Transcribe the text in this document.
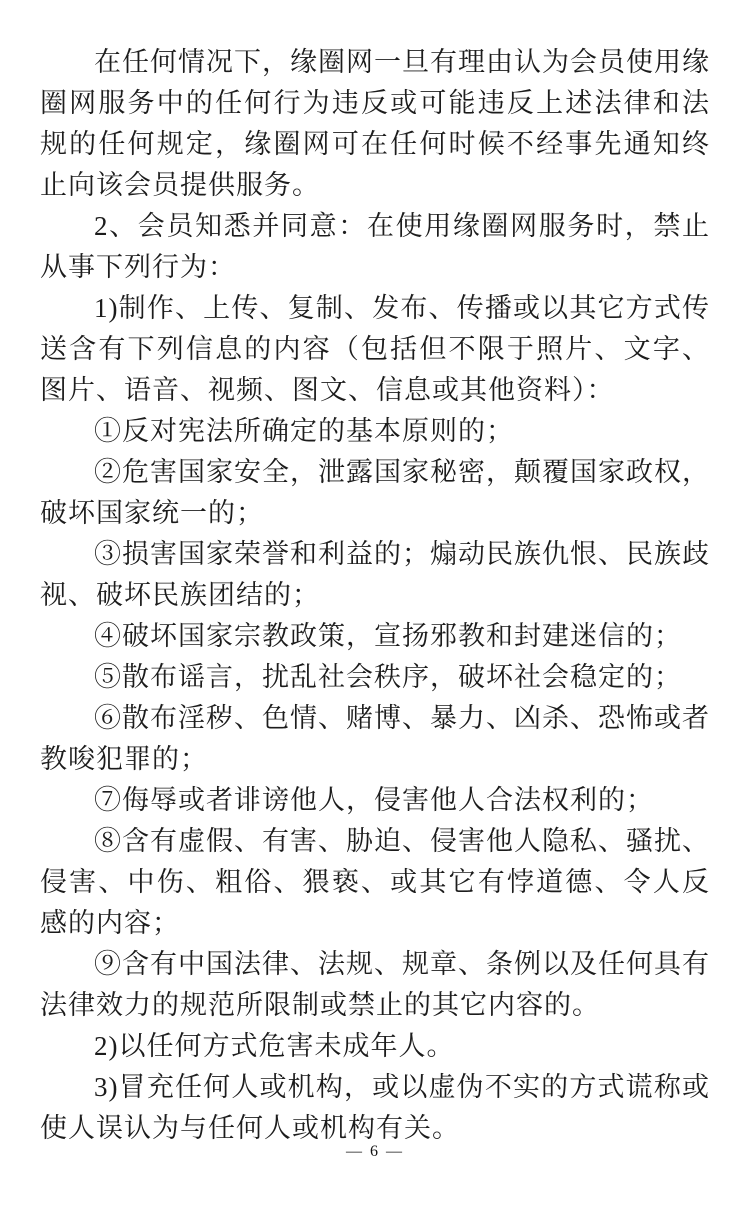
在任何情况下，缘圈网一旦有理由认为会员使用缘圈网服务中的任何行为违反或可能违反上述法律和法规的任何规定，缘圈网可在任何时候不经事先通知终止向该会员提供服务。

2、会员知悉并同意：在使用缘圈网服务时，禁止从事下列行为：

1)制作、上传、复制、发布、传播或以其它方式传送含有下列信息的内容（包括但不限于照片、文字、图片、语音、视频、图文、信息或其他资料）：

①反对宪法所确定的基本原则的；

②危害国家安全，泄露国家秘密，颠覆国家政权，破坏国家统一的；

③损害国家荣誉和利益的；煽动民族仇恨、民族歧视、破坏民族团结的；

④破坏国家宗教政策，宣扬邪教和封建迷信的；

⑤散布谣言，扰乱社会秩序，破坏社会稳定的；

⑥散布淫秽、色情、赌博、暴力、凶杀、恐怖或者教唆犯罪的；

⑦侮辱或者诽谤他人，侵害他人合法权利的；

⑧含有虚假、有害、胁迫、侵害他人隐私、骚扰、侵害、中伤、粗俗、猥亵、或其它有悖道德、令人反感的内容；

⑨含有中国法律、法规、规章、条例以及任何具有法律效力的规范所限制或禁止的其它内容的。

2)以任何方式危害未成年人。

3)冒充任何人或机构，或以虚伪不实的方式谎称或使人误认为与任何人或机构有关。

— 6 —
